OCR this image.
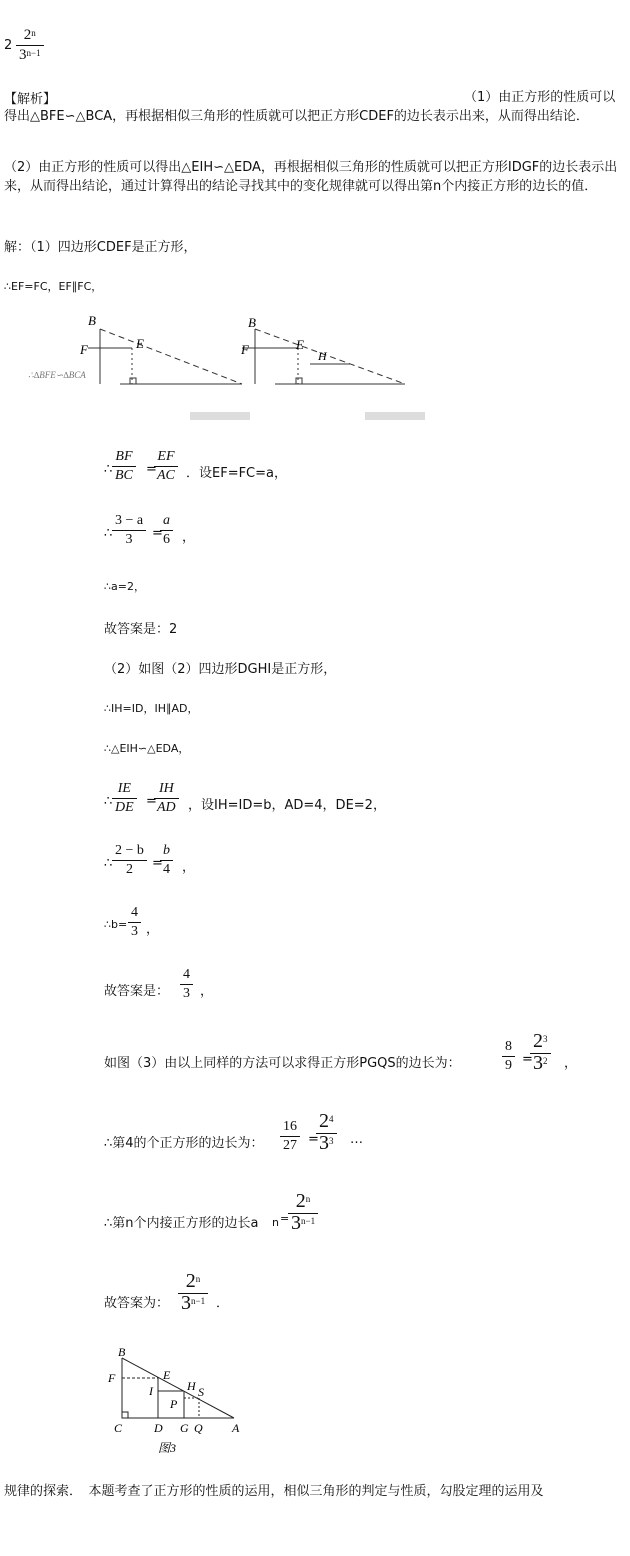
$2 \frac{2^n}{3^{n-1}}$
【解析】	（1）由正方形的性质可以得出△BFE∽△BCA，再根据相似三角形的性质就可以把正方形CDEF的边长表示出来，从而得出结论．
（2）由正方形的性质可以得出△EIH∽△EDA，再根据相似三角形的性质就可以把正方形IDGF的边长表示出来，从而得出结论，通过计算得出的结论寻找其中的变化规律就可以得出第n个内接正方形的边长的值．
解：（1）四边形CDEF是正方形，
∴EF=FC，EF∥FC，
B
F	E
∴∆BFE∽∆BCA
B
F	E
H
∴ $\frac{BF}{BC}$ =
$\frac{EF}{AC}$ ．设EF=FC=a，
∴ $\frac{3 - a}{3}$ =
$\frac{a}{6}$ ，
∴a=2，
故答案是：2
（2）如图（2）四边形DGHI是正方形，
∴IH=ID，IH∥AD，
∴△EIH∽△EDA，
∴ $\frac{IE}{DE}$ =
$\frac{IH}{AD}$ ，设IH=ID=b，AD=4，DE=2，
∴ $\frac{2 - b}{2}$ =
$\frac{b}{4}$ ，
∴b= $\frac{4}{3}$ ，
故答案是： $\frac{4}{3}$ ，
如图（3）由以上同样的方法可以求得正方形PGQS的边长为：	$\frac{8}{9}$ =
$\frac{2^3}{3^2}$ ，
∴第4的个正方形的边长为： $\frac{16}{27}$ =
$\frac{2^4}{3^3}$ …
∴第n个内接正方形的边长a n =
$\frac{2^n}{3^{n-1}}$
故答案为： $\frac{2^n}{3^{n-1}}$ ．
B
F	E
I	H S
P
C	D G Q A
图3
规律的探索．　本题考查了正方形的性质的运用，相似三角形的判定与性质，勾股定理的运用及
